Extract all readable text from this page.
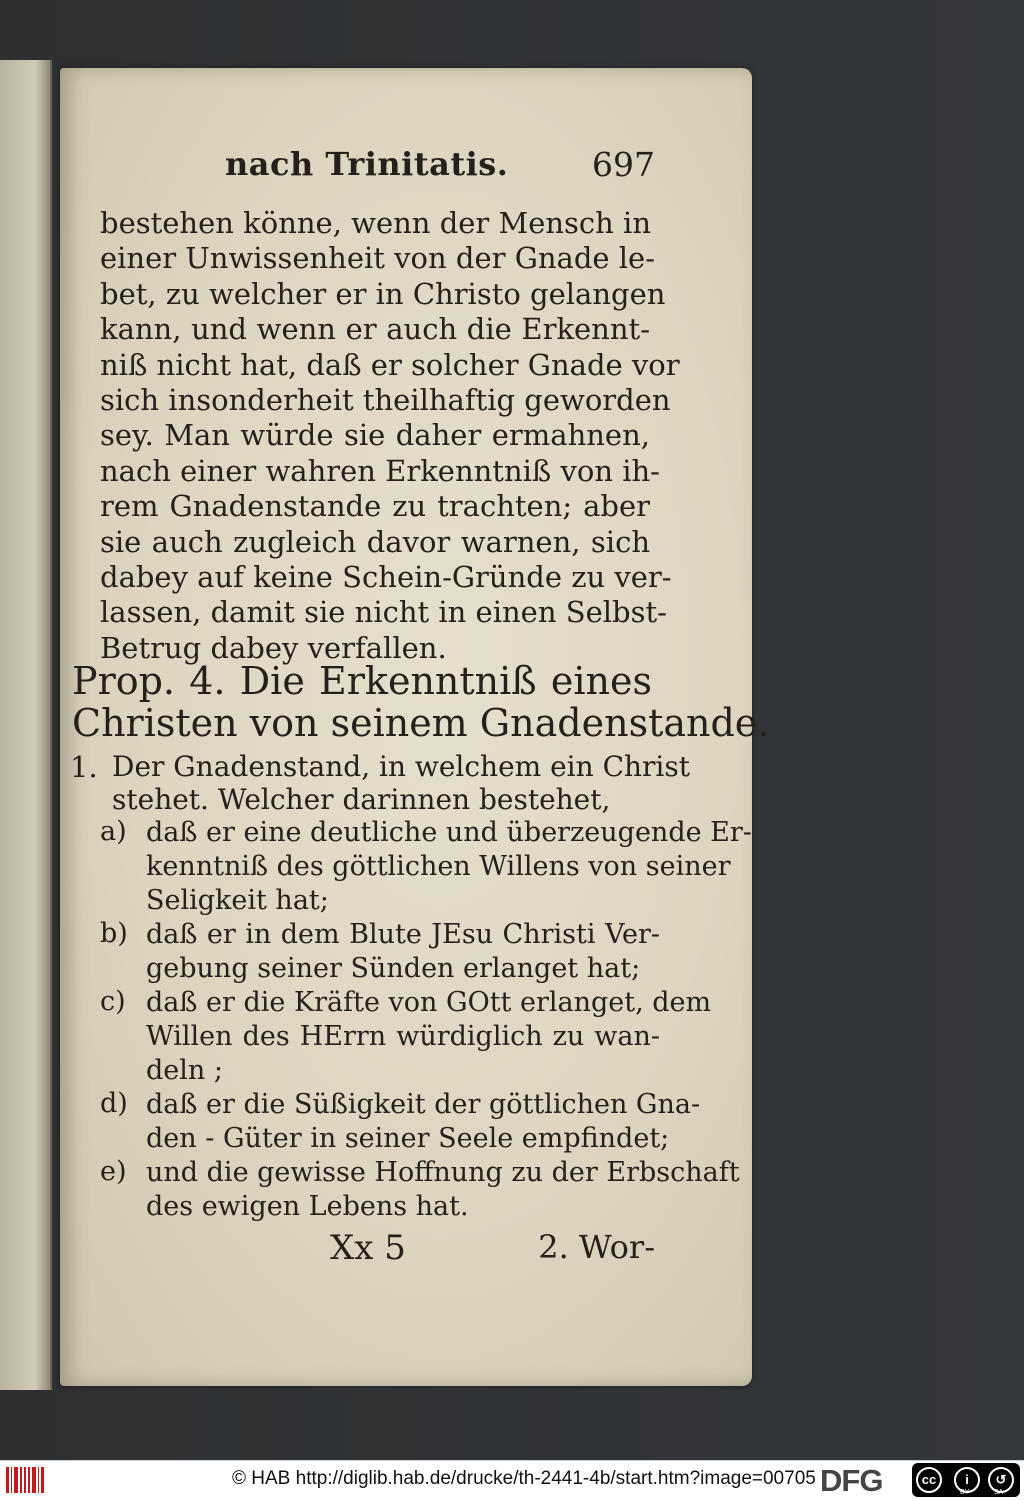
nach Trinitatis.	697
bestehen könne, wenn der Mensch in
einer Unwissenheit von der Gnade le-
bet, zu welcher er in Christo gelangen
kann, und wenn er auch die Erkennt-
niß nicht hat, daß er solcher Gnade vor
sich insonderheit theilhaftig geworden
sey. Man würde sie daher ermahnen,
nach einer wahren Erkenntniß von ih-
rem Gnadenstande zu trachten; aber
sie auch zugleich davor warnen, sich
dabey auf keine Schein-Gründe zu ver-
lassen, damit sie nicht in einen Selbst-
Betrug dabey verfallen.
Prop. 4. Die Erkenntniß eines
Christen von seinem Gnadenstande.
1. Der Gnadenstand, in welchem ein Christ
stehet. Welcher darinnen bestehet,
a) daß er eine deutliche und überzeugende Er-
kenntniß des göttlichen Willens von seiner
Seligkeit hat;
b) daß er in dem Blute JEsu Christi Ver-
gebung seiner Sünden erlanget hat;
c) daß er die Kräfte von GOtt erlanget, dem
Willen des HErrn würdiglich zu wan-
deln ;
d) daß er die Süßigkeit der göttlichen Gna-
den - Güter in seiner Seele empfindet;
e) und die gewisse Hoffnung zu der Erbschaft
des ewigen Lebens hat.
Xx 5	2. Wor-
© HAB http://diglib.hab.de/drucke/th-2441-4b/start.htm?image=00705 DFG	cc	i	↺
BY	SA
